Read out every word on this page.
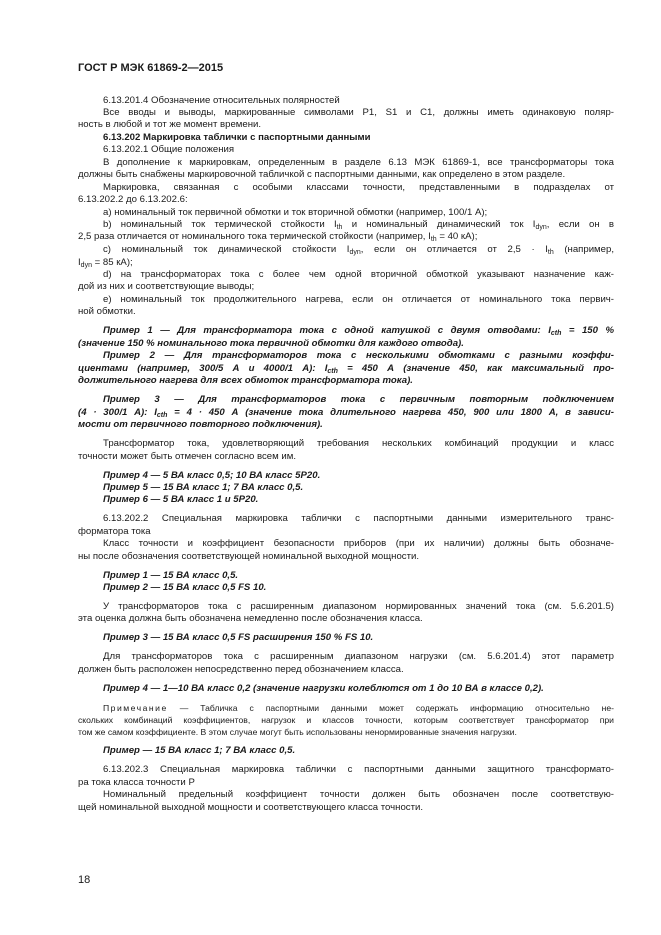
ГОСТ Р МЭК 61869-2—2015
6.13.201.4 Обозначение относительных полярностей
Все вводы и выводы, маркированные символами Р1, S1 и С1, должны иметь одинаковую поляр-
ность в любой и тот же момент времени.
6.13.202 Маркировка таблички с паспортными данными
6.13.202.1 Общие положения
В дополнение к маркировкам, определенным в разделе 6.13 МЭК 61869-1, все трансформаторы тока
должны быть снабжены маркировочной табличкой с паспортными данными, как определено в этом разделе.
Маркировка, связанная с особыми классами точности, представленными в подразделах от
6.13.202.2 до 6.13.202.6:
a) номинальный ток первичной обмотки и ток вторичной обмотки (например, 100/1 А);
b) номинальный ток термической стойкости $I_{th}$ и номинальный динамический ток $I_{dyn}$, если он в
2,5 раза отличается от номинального тока термической стойкости (например, $I_{th} = 40$ кА);
c) номинальный ток динамической стойкости $I_{dyn}$, если он отличается от $2,5 \cdot I_{th}$ (например,
$I_{dyn} = 85$ кА);
d) на трансформаторах тока с более чем одной вторичной обмоткой указывают назначение каж-
дой из них и соответствующие выводы;
e) номинальный ток продолжительного нагрева, если он отличается от номинального тока первич-
ной обмотки.
Пример 1 — Для трансформатора тока с одной катушкой с двумя отводами: $I_{cth} = 150$ %
(значение 150 % номинального тока первичной обмотки для каждого отвода).
Пример 2 — Для трансформаторов тока с несколькими обмотками с разными коэффи-
циентами (например, 300/5 А и 4000/1 А): $I_{cth} = 450$ А (значение 450, как максимальный про-
должительного нагрева для всех обмоток трансформатора тока).
Пример 3 — Для трансформаторов тока с первичным повторным подключением
(4 · 300/1 А): $I_{cth} = 4 \cdot 450$ А (значение тока длительного нагрева 450, 900 или 1800 А, в зависи-
мости от первичного повторного подключения).
Трансформатор тока, удовлетворяющий требования нескольких комбинаций продукции и класс
точности может быть отмечен согласно всем им.
Пример 4 — 5 ВА класс 0,5; 10 ВА класс 5Р20.
Пример 5 — 15 ВА класс 1; 7 ВА класс 0,5.
Пример 6 — 5 ВА класс 1 и 5Р20.
6.13.202.2 Специальная маркировка таблички с паспортными данными измерительного транс-
форматора тока
Класс точности и коэффициент безопасности приборов (при их наличии) должны быть обозначе-
ны после обозначения соответствующей номинальной выходной мощности.
Пример 1 — 15 ВА класс 0,5.
Пример 2 — 15 ВА класс 0,5 FS 10.
У трансформаторов тока с расширенным диапазоном нормированных значений тока (см. 5.6.201.5)
эта оценка должна быть обозначена немедленно после обозначения класса.
Пример 3 — 15 ВА класс 0,5 FS расширения 150 % FS 10.
Для трансформаторов тока с расширенным диапазоном нагрузки (см. 5.6.201.4) этот параметр
должен быть расположен непосредственно перед обозначением класса.
Пример 4 — 1—10 ВА класс 0,2 (значение нагрузки колеблются от 1 до 10 ВА в классе 0,2).
Примечание — Табличка с паспортными данными может содержать информацию относительно не-
скольких комбинаций коэффициентов, нагрузок и классов точности, которым соответствует трансформатор при
том же самом коэффициенте. В этом случае могут быть использованы ненормированные значения нагрузки.
Пример — 15 ВА класс 1; 7 ВА класс 0,5.
6.13.202.3 Специальная маркировка таблички с паспортными данными защитного трансформато-
ра тока класса точности Р
Номинальный предельный коэффициент точности должен быть обозначен после соответствую-
щей номинальной выходной мощности и соответствующего класса точности.
18
